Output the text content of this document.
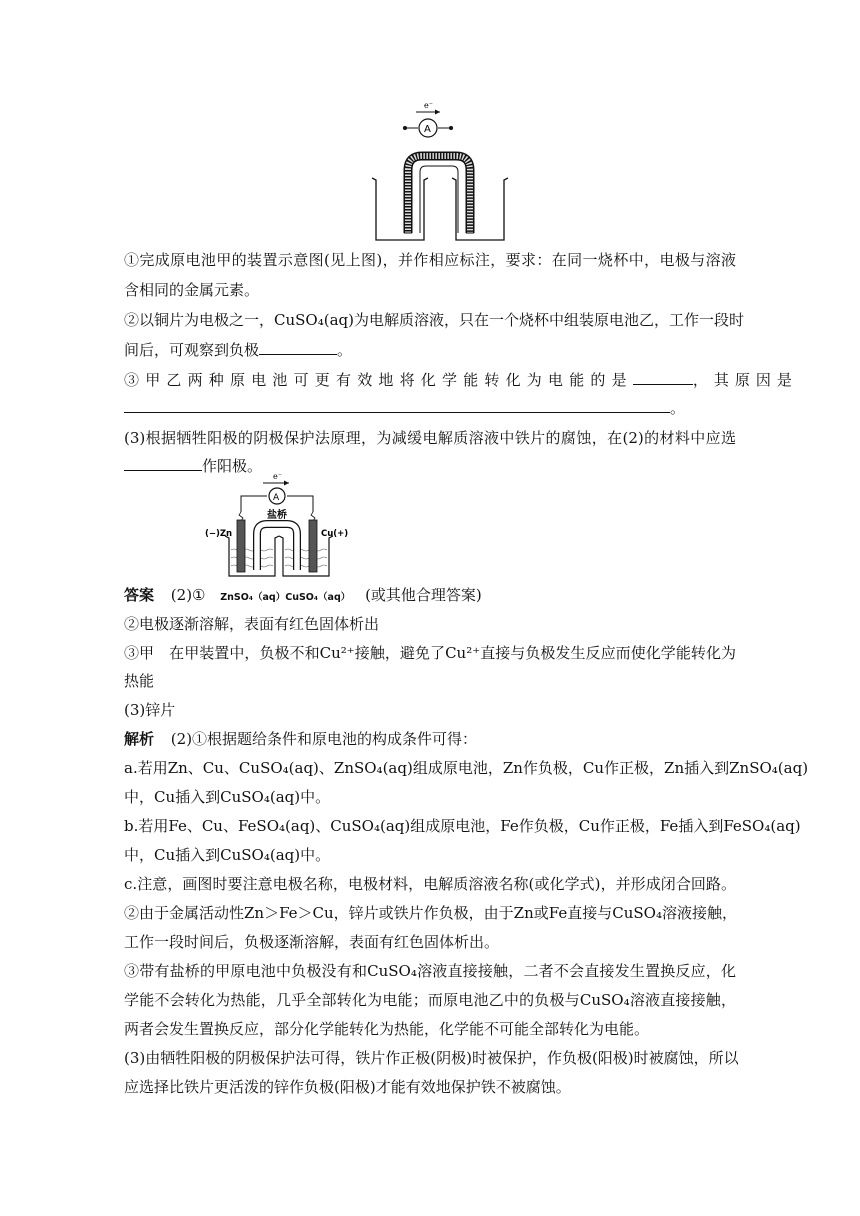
e⁻
A
①完成原电池甲的装置示意图(见上图)，并作相应标注，要求：在同一烧杯中，电极与溶液
含相同的金属元素。
②以铜片为电极之一，CuSO₄(aq)为电解质溶液，只在一个烧杯中组装原电池乙，工作一段时
间后，可观察到负极	。
③甲乙两种原电池可更有效地将化学能转化为电能的是	，其原因是
。
(3)根据牺牲阳极的阴极保护法原理，为减缓电解质溶液中铁片的腐蚀，在(2)的材料中应选
作阳极。
e⁻
A
盐桥
(−)Zn	Cu(+)
答案 (2)① ZnSO₄（aq）CuSO₄（aq） (或其他合理答案)
②电极逐渐溶解，表面有红色固体析出
③甲　在甲装置中，负极不和Cu²⁺接触，避免了Cu²⁺直接与负极发生反应而使化学能转化为
热能
(3)锌片
解析 (2)①根据题给条件和原电池的构成条件可得：
a.若用Zn、Cu、CuSO₄(aq)、ZnSO₄(aq)组成原电池，Zn作负极，Cu作正极，Zn插入到ZnSO₄(aq)
中，Cu插入到CuSO₄(aq)中。
b.若用Fe、Cu、FeSO₄(aq)、CuSO₄(aq)组成原电池，Fe作负极，Cu作正极，Fe插入到FeSO₄(aq)
中，Cu插入到CuSO₄(aq)中。
c.注意，画图时要注意电极名称，电极材料，电解质溶液名称(或化学式)，并形成闭合回路。
②由于金属活动性Zn＞Fe＞Cu，锌片或铁片作负极，由于Zn或Fe直接与CuSO₄溶液接触，
工作一段时间后，负极逐渐溶解，表面有红色固体析出。
③带有盐桥的甲原电池中负极没有和CuSO₄溶液直接接触，二者不会直接发生置换反应，化
学能不会转化为热能，几乎全部转化为电能；而原电池乙中的负极与CuSO₄溶液直接接触，
两者会发生置换反应，部分化学能转化为热能，化学能不可能全部转化为电能。
(3)由牺牲阳极的阴极保护法可得，铁片作正极(阴极)时被保护，作负极(阳极)时被腐蚀，所以
应选择比铁片更活泼的锌作负极(阳极)才能有效地保护铁不被腐蚀。
